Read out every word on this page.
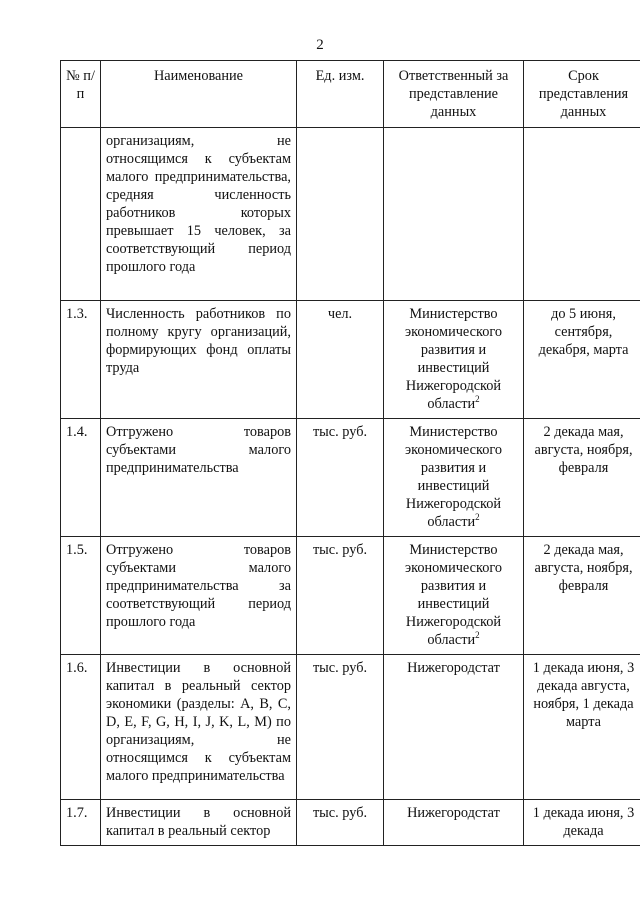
2
№ п/п	Наименование	Ед. изм.	Ответственный за представление данных	Срок представления данных
	организациям, не относящимся к субъектам малого предпринимательства, средняя численность работников которых превышает 15 человек, за соответствующий период прошлого года			
1.3.	Численность работников по полному кругу организаций, формирующих фонд оплаты труда	чел.	Министерство экономического развития и инвестиций Нижегородской области$^2$	до 5 июня, сентября, декабря, марта
1.4.	Отгружено товаров субъектами малого предпринимательства	тыс. руб.	Министерство экономического развития и инвестиций Нижегородской области$^2$	2 декада мая, августа, ноября, февраля
1.5.	Отгружено товаров субъектами малого предпринимательства за соответствующий период прошлого года	тыс. руб.	Министерство экономического развития и инвестиций Нижегородской области$^2$	2 декада мая, августа, ноября, февраля
1.6.	Инвестиции в основной капитал в реальный сектор экономики (разделы: A, B, C, D, E, F, G, H, I, J, K, L, M) по организациям, не относящимся к субъектам малого предпринимательства	тыс. руб.	Нижегородстат	1 декада июня, 3 декада августа, ноября, 1 декада марта
1.7.	Инвестиции в основной капитал в реальный сектор	тыс. руб.	Нижегородстат	1 декада июня, 3 декада
